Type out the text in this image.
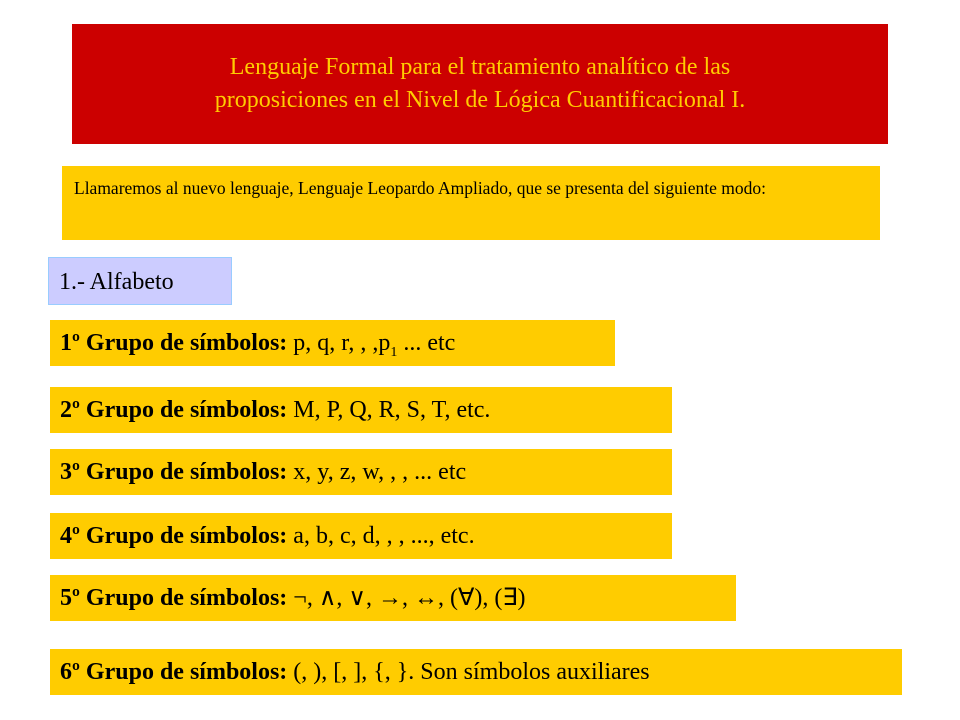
Lenguaje Formal para el tratamiento analítico de las
proposiciones en el Nivel de Lógica Cuantificacional I.
Llamaremos al nuevo lenguaje, Lenguaje Leopardo Ampliado, que se presenta del siguiente modo:
1.- Alfabeto
1º Grupo de símbolos: p, q, r, , $,p_1$ ... etc
2º Grupo de símbolos: M, P, Q, R, S, T, etc.
3º Grupo de símbolos: x, y, z, w, , , ... etc
4º Grupo de símbolos: a, b, c, d, , , ..., etc.
5º Grupo de símbolos: ¬, ∧, ∨, →, ↔, (∀), (∃)
6º Grupo de símbolos: (, ), [, ], {, }. Son símbolos auxiliares
